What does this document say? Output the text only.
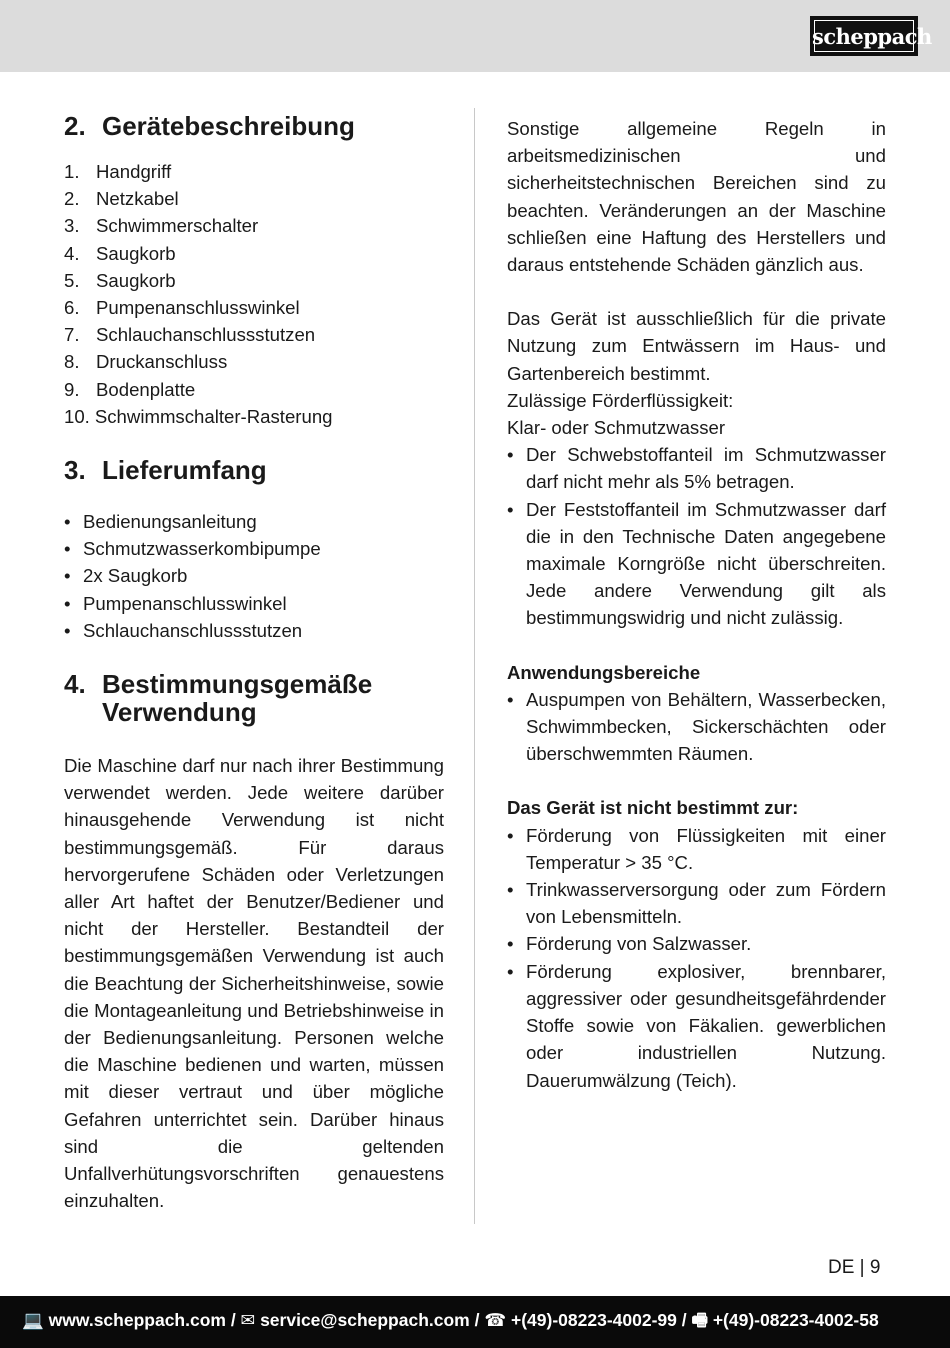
scheppach
2. Gerätebeschreibung
1. Handgriff
2. Netzkabel
3. Schwimmerschalter
4. Saugkorb
5. Saugkorb
6. Pumpenanschlusswinkel
7. Schlauchanschlussstutzen
8. Druckanschluss
9. Bodenplatte
10. Schwimmschalter-Rasterung
3. Lieferumfang
• Bedienungsanleitung
• Schmutzwasserkombipumpe
• 2x Saugkorb
• Pumpenanschlusswinkel
• Schlauchanschlussstutzen
4. Bestimmungsgemäße
Verwendung

Die Maschine darf nur nach ihrer Bestimmung verwendet werden. Jede weitere darüber hinausgehende Verwendung ist nicht bestimmungsgemäß. Für daraus hervorgerufene Schäden oder Verletzungen aller Art haftet der Benutzer/Bediener und nicht der Hersteller. Bestandteil der bestimmungsgemäßen Verwendung ist auch die Beachtung der Sicherheitshinweise, sowie die Montageanleitung und Betriebshinweise in der Bedienungsanleitung. Personen welche die Maschine bedienen und warten, müssen mit dieser vertraut und über mögliche Gefahren unterrichtet sein. Darüber hinaus sind die geltenden Unfallverhütungsvorschriften genauestens einzuhalten.

Sonstige allgemeine Regeln in arbeitsmedizinischen und sicherheitstechnischen Bereichen sind zu beachten. Veränderungen an der Maschine schließen eine Haftung des Herstellers und daraus entstehende Schäden gänzlich aus.

Das Gerät ist ausschließlich für die private Nutzung zum Entwässern im Haus- und Gartenbereich bestimmt.

Zulässige Förderflüssigkeit:

Klar- oder Schmutzwasser

• Der Schwebstoffanteil im Schmutzwasser darf nicht mehr als 5% betragen.
• Der Feststoffanteil im Schmutzwasser darf die in den Technische Daten angegebene maximale Korngröße nicht überschreiten. Jede andere Verwendung gilt als bestimmungswidrig und nicht zulässig.

Anwendungsbereiche

• Auspumpen von Behältern, Wasserbecken, Schwimmbecken, Sickerschächten oder überschwemmten Räumen.

Das Gerät ist nicht bestimmt zur:

• Förderung von Flüssigkeiten mit einer Temperatur > 35 °C.
• Trinkwasserversorgung oder zum Fördern von Lebensmitteln.
• Förderung von Salzwasser.
• Förderung explosiver, brennbarer, aggressiver oder gesundheitsgefährdender Stoffe sowie von Fäkalien. gewerblichen oder industriellen Nutzung. Dauerumwälzung (Teich).
DE | 9
💻 www.scheppach.com / ✉ service@scheppach.com / ☎ +(49)-08223-4002-99 / 🖷 +(49)-08223-4002-58
